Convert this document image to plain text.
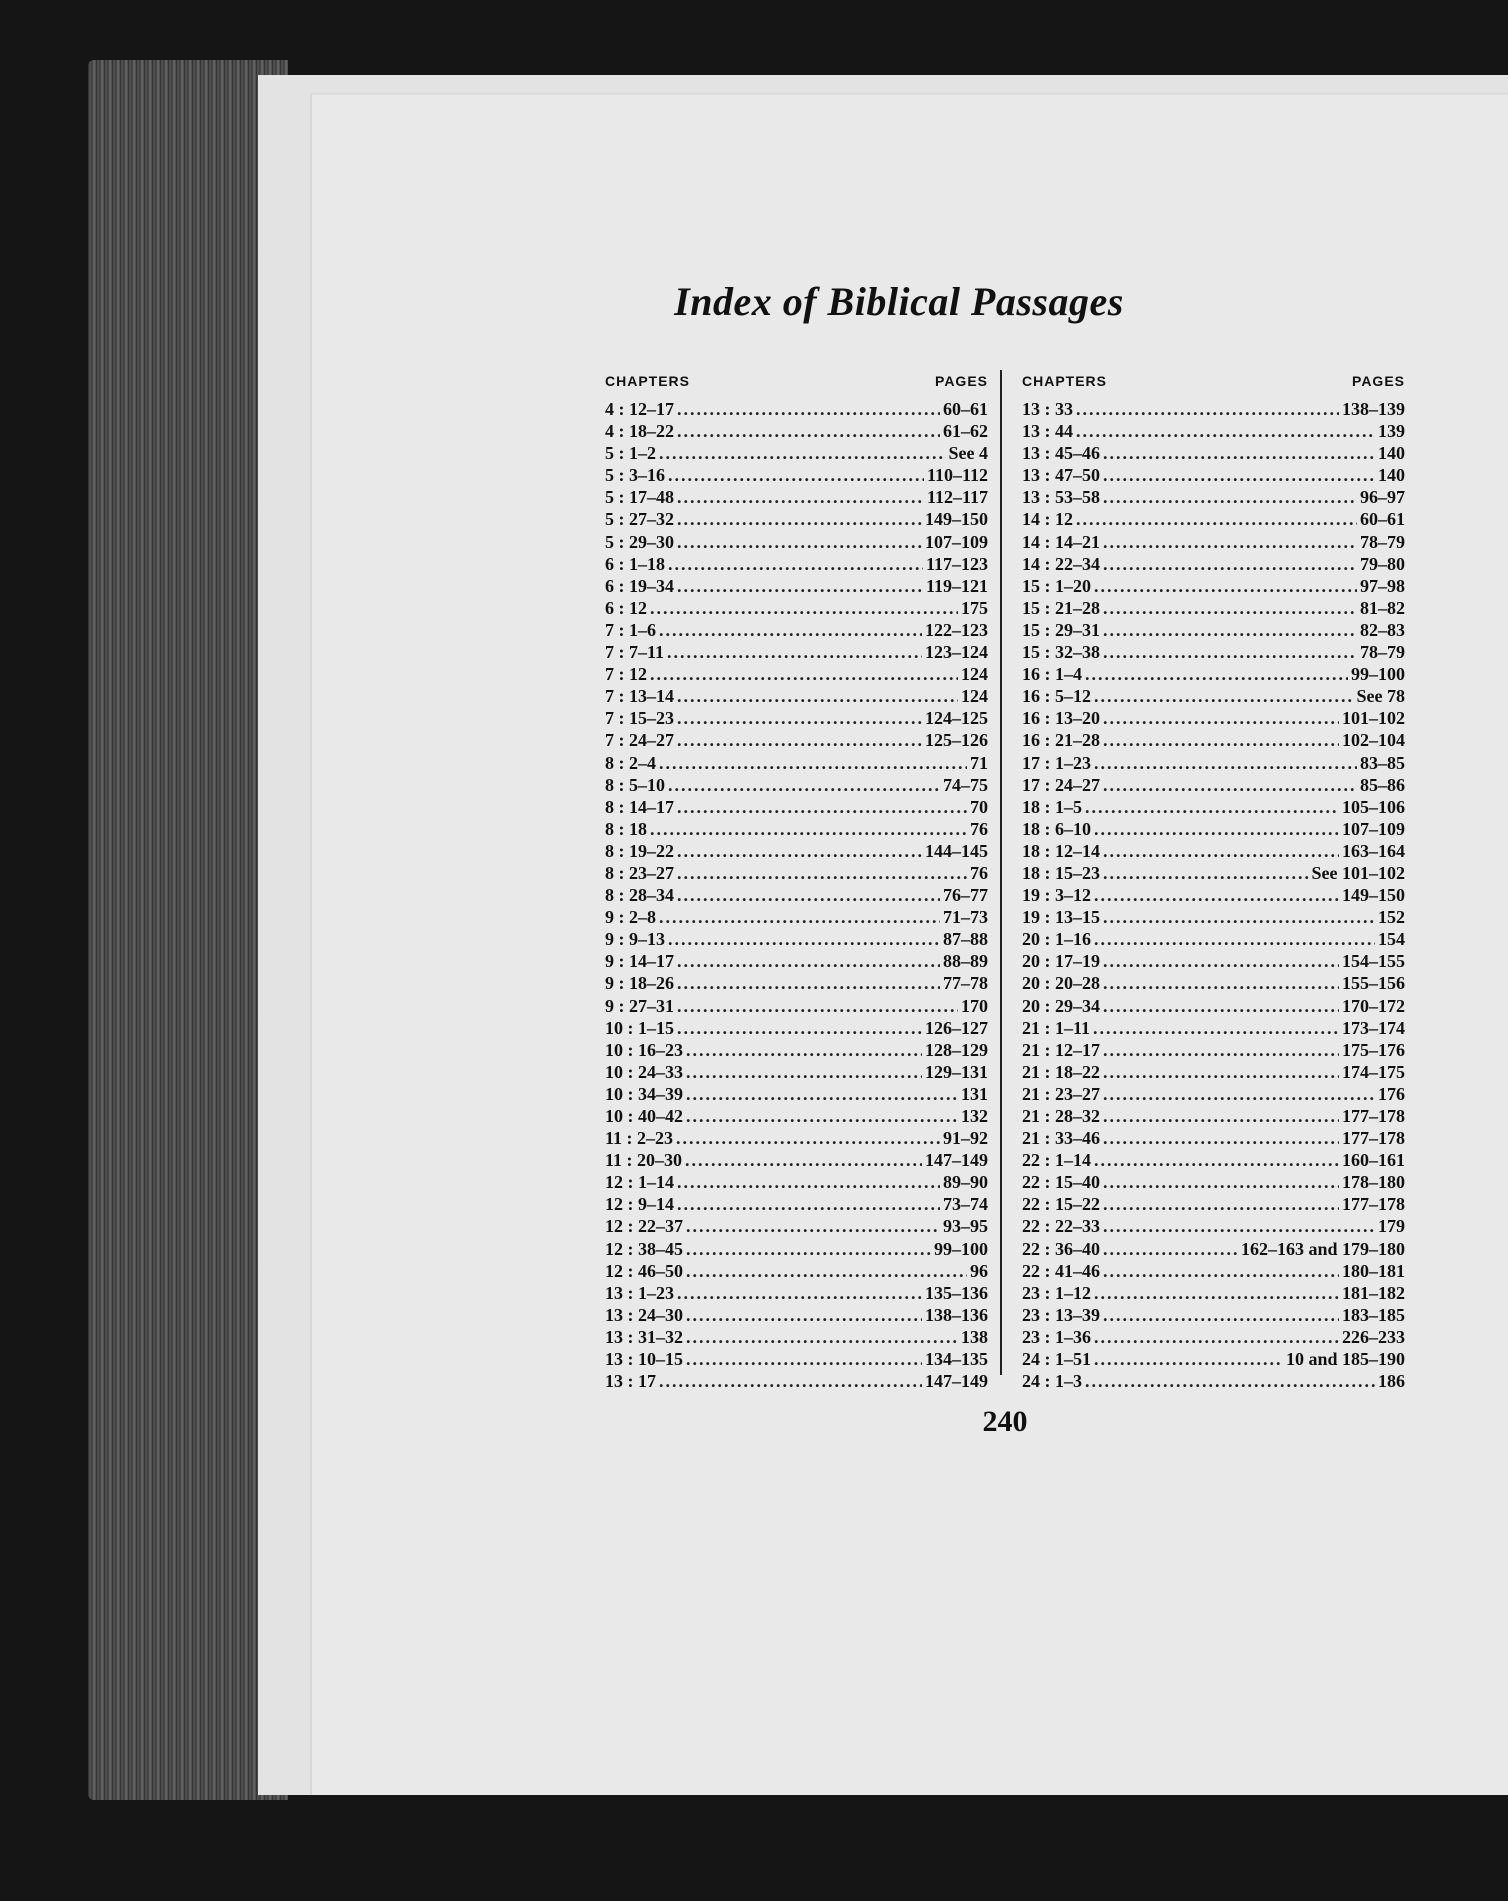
Index of Biblical Passages
CHAPTERS	PAGES
4 : 12–17 .....	60–61
4 : 18–22 .....	61–62
5 : 1–2 .....	See 4
5 : 3–16 .....	110–112
5 : 17–48 .....	112–117
5 : 27–32 .....	149–150
5 : 29–30 .....	107–109
6 : 1–18 .....	117–123
6 : 19–34 .....	119–121
6 : 12 .....	175
7 : 1–6 .....	122–123
7 : 7–11 .....	123–124
7 : 12 .....	124
7 : 13–14 .....	124
7 : 15–23 .....	124–125
7 : 24–27 .....	125–126
8 : 2–4 .....	71
8 : 5–10 .....	74–75
8 : 14–17 .....	70
8 : 18 .....	76
8 : 19–22 .....	144–145
8 : 23–27 .....	76
8 : 28–34 .....	76–77
9 : 2–8 .....	71–73
9 : 9–13 .....	87–88
9 : 14–17 .....	88–89
9 : 18–26 .....	77–78
9 : 27–31 .....	170
10 : 1–15 .....	126–127
10 : 16–23 .....	128–129
10 : 24–33 .....	129–131
10 : 34–39 .....	131
10 : 40–42 .....	132
11 : 2–23 .....	91–92
11 : 20–30 .....	147–149
12 : 1–14 .....	89–90
12 : 9–14 .....	73–74
12 : 22–37 .....	93–95
12 : 38–45 .....	99–100
12 : 46–50 .....	96
13 : 1–23 .....	135–136
13 : 24–30 .....	138–136
13 : 31–32 .....	138
13 : 10–15 .....	134–135
13 : 17 .....	147–149
CHAPTERS	PAGES
13 : 33 .....	138–139
13 : 44 .....	139
13 : 45–46 .....	140
13 : 47–50 .....	140
13 : 53–58 .....	96–97
14 : 12 .....	60–61
14 : 14–21 .....	78–79
14 : 22–34 .....	79–80
15 : 1–20 .....	97–98
15 : 21–28 .....	81–82
15 : 29–31 .....	82–83
15 : 32–38 .....	78–79
16 : 1–4 .....	99–100
16 : 5–12 .....	See 78
16 : 13–20 .....	101–102
16 : 21–28 .....	102–104
17 : 1–23 .....	83–85
17 : 24–27 .....	85–86
18 : 1–5 .....	105–106
18 : 6–10 .....	107–109
18 : 12–14 .....	163–164
18 : 15–23 .....	See 101–102
19 : 3–12 .....	149–150
19 : 13–15 .....	152
20 : 1–16 .....	154
20 : 17–19 .....	154–155
20 : 20–28 .....	155–156
20 : 29–34 .....	170–172
21 : 1–11 .....	173–174
21 : 12–17 .....	175–176
21 : 18–22 .....	174–175
21 : 23–27 .....	176
21 : 28–32 .....	177–178
21 : 33–46 .....	177–178
22 : 1–14 .....	160–161
22 : 15–40 .....	178–180
22 : 15–22 .....	177–178
22 : 22–33 .....	179
22 : 36–40 .....	162–163 and 179–180
22 : 41–46 .....	180–181
23 : 1–12 .....	181–182
23 : 13–39 .....	183–185
23 : 1–36 .....	226–233
24 : 1–51 .....	10 and 185–190
24 : 1–3 .....	186
240
